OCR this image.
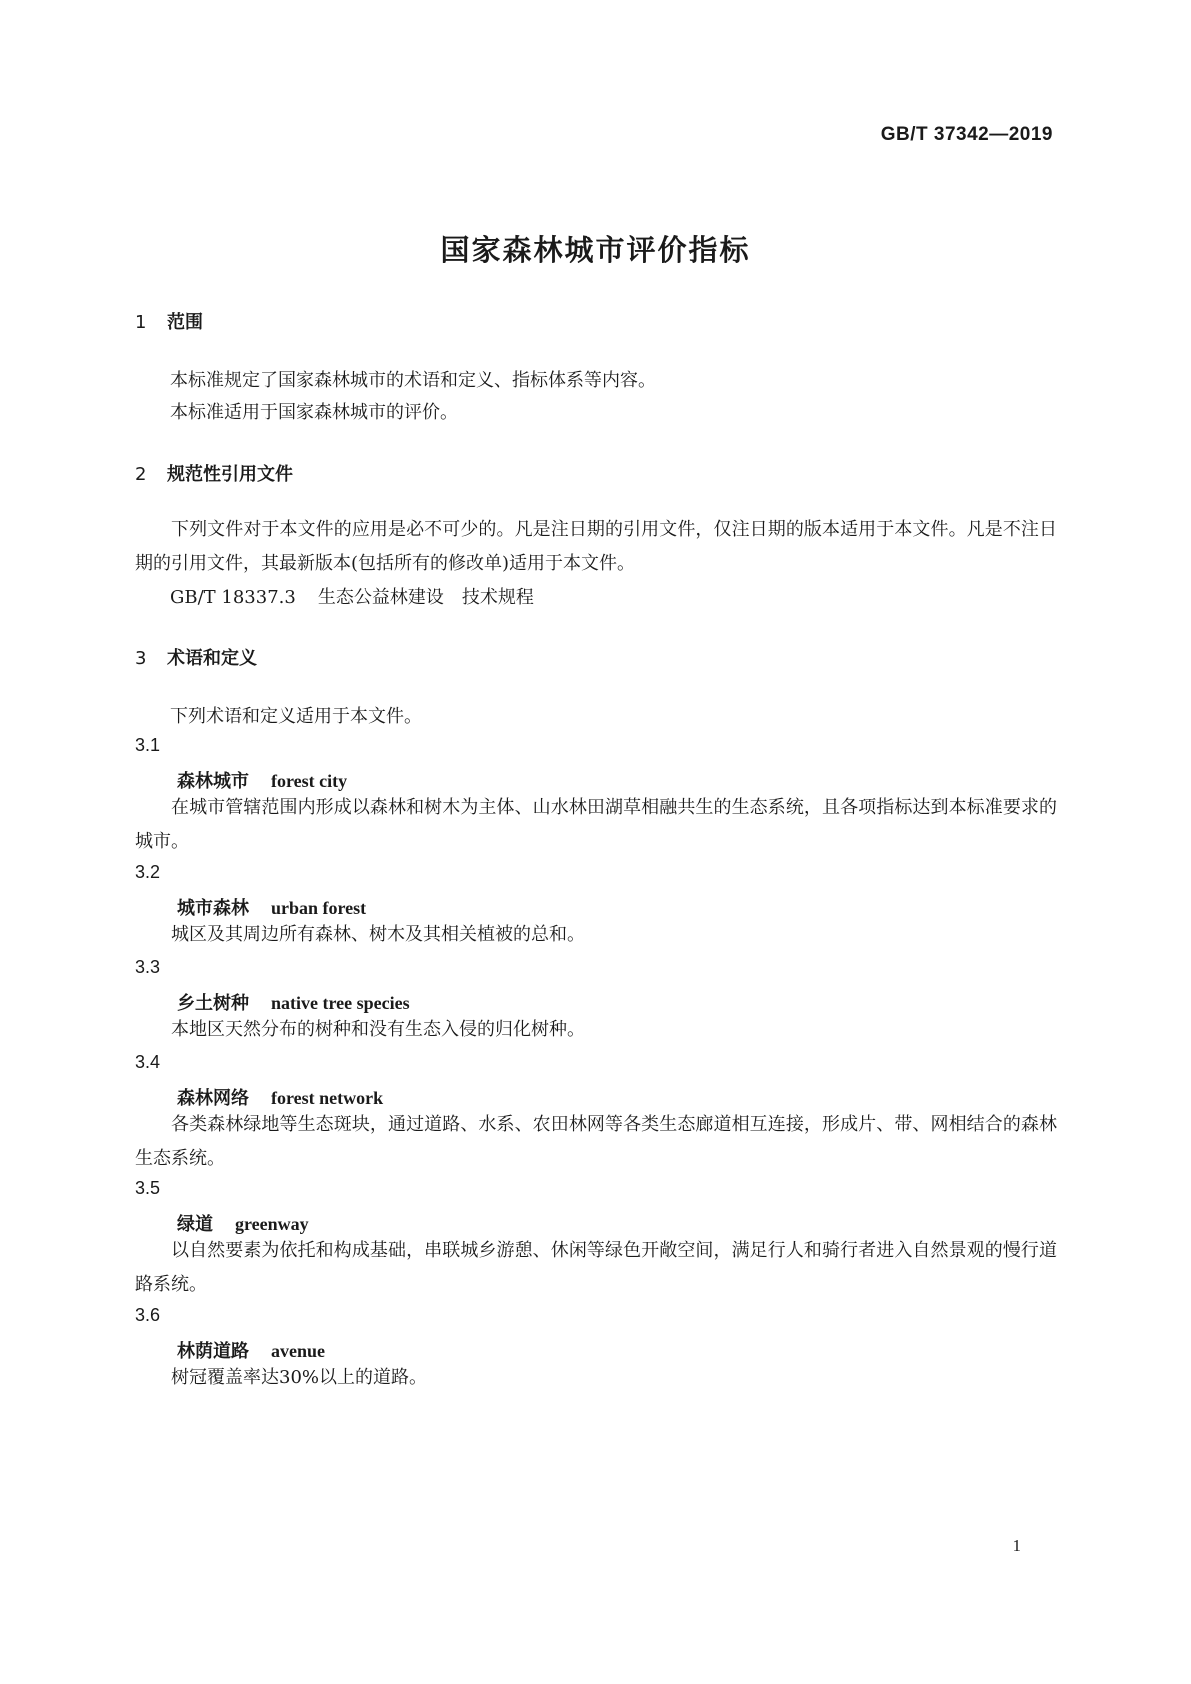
GB/T 37342—2019
国家森林城市评价指标
1 范围
本标准规定了国家森林城市的术语和定义、指标体系等内容。
本标准适用于国家森林城市的评价。
2 规范性引用文件
下列文件对于本文件的应用是必不可少的。凡是注日期的引用文件，仅注日期的版本适用于本文件。凡是不注日期的引用文件，其最新版本(包括所有的修改单)适用于本文件。
GB/T 18337.3 生态公益林建设　技术规程
3 术语和定义
下列术语和定义适用于本文件。
3.1
森林城市 forest city
在城市管辖范围内形成以森林和树木为主体、山水林田湖草相融共生的生态系统，且各项指标达到本标准要求的城市。
3.2
城市森林 urban forest
城区及其周边所有森林、树木及其相关植被的总和。
3.3
乡土树种 native tree species
本地区天然分布的树种和没有生态入侵的归化树种。
3.4
森林网络 forest network
各类森林绿地等生态斑块，通过道路、水系、农田林网等各类生态廊道相互连接，形成片、带、网相结合的森林生态系统。
3.5
绿道 greenway
以自然要素为依托和构成基础，串联城乡游憩、休闲等绿色开敞空间，满足行人和骑行者进入自然景观的慢行道路系统。
3.6
林荫道路 avenue
树冠覆盖率达30%以上的道路。
1
